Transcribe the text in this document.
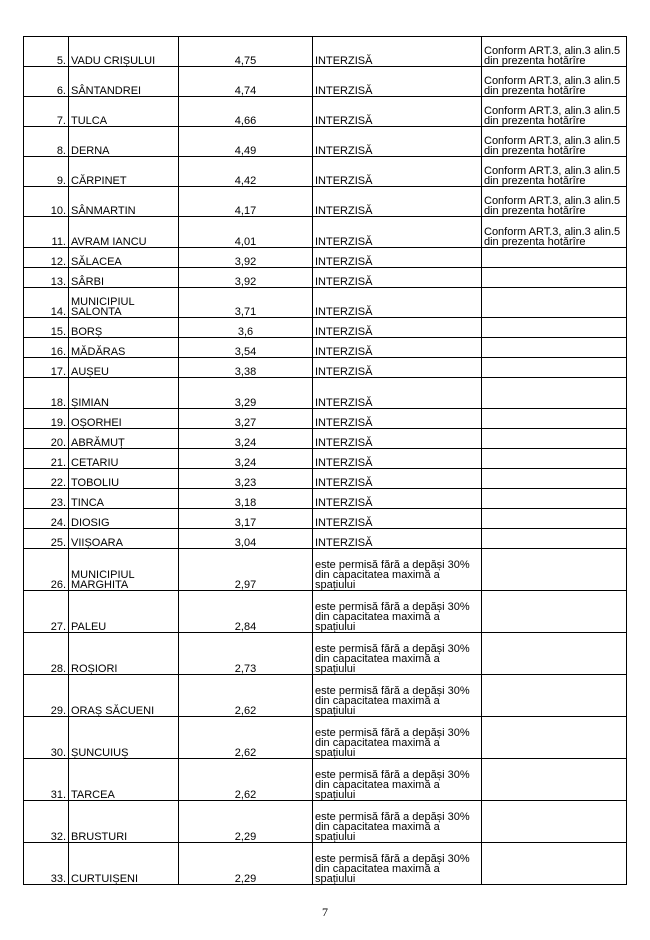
5.	VADU CRIȘULUI	4,75	INTERZISĂ	Conform ART.3, alin.3 alin.5 din prezenta hotărîre
6.	SÂNTANDREI	4,74	INTERZISĂ	Conform ART.3, alin.3 alin.5 din prezenta hotărîre
7.	TULCA	4,66	INTERZISĂ	Conform ART.3, alin.3 alin.5 din prezenta hotărîre
8.	DERNA	4,49	INTERZISĂ	Conform ART.3, alin.3 alin.5 din prezenta hotărîre
9.	CĂRPINET	4,42	INTERZISĂ	Conform ART.3, alin.3 alin.5 din prezenta hotărîre
10.	SÂNMARTIN	4,17	INTERZISĂ	Conform ART.3, alin.3 alin.5 din prezenta hotărîre
11.	AVRAM IANCU	4,01	INTERZISĂ	Conform ART.3, alin.3 alin.5 din prezenta hotărîre
12.	SĂLACEA	3,92	INTERZISĂ	
13.	SÂRBI	3,92	INTERZISĂ	
14.	MUNICIPIUL SALONTA	3,71	INTERZISĂ	
15.	BORȘ	3,6	INTERZISĂ	
16.	MĂDĂRAS	3,54	INTERZISĂ	
17.	AUȘEU	3,38	INTERZISĂ	
18.	ȘIMIAN	3,29	INTERZISĂ	
19.	OȘORHEI	3,27	INTERZISĂ	
20.	ABRĂMUȚ	3,24	INTERZISĂ	
21.	CETARIU	3,24	INTERZISĂ	
22.	TOBOLIU	3,23	INTERZISĂ	
23.	TINCA	3,18	INTERZISĂ	
24.	DIOSIG	3,17	INTERZISĂ	
25.	VIIȘOARA	3,04	INTERZISĂ	
26.	MUNICIPIUL MARGHITA	2,97	este permisă fără a depăși 30% din capacitatea maximă a spațiului	
27.	PALEU	2,84	este permisă fără a depăși 30% din capacitatea maximă a spațiului	
28.	ROȘIORI	2,73	este permisă fără a depăși 30% din capacitatea maximă a spațiului	
29.	ORAȘ SĂCUENI	2,62	este permisă fără a depăși 30% din capacitatea maximă a spațiului	
30.	ȘUNCUIUȘ	2,62	este permisă fără a depăși 30% din capacitatea maximă a spațiului	
31.	TARCEA	2,62	este permisă fără a depăși 30% din capacitatea maximă a spațiului	
32.	BRUSTURI	2,29	este permisă fără a depăși 30% din capacitatea maximă a spațiului	
33.	CURTUIȘENI	2,29	este permisă fără a depăși 30% din capacitatea maximă a spațiului	
7
